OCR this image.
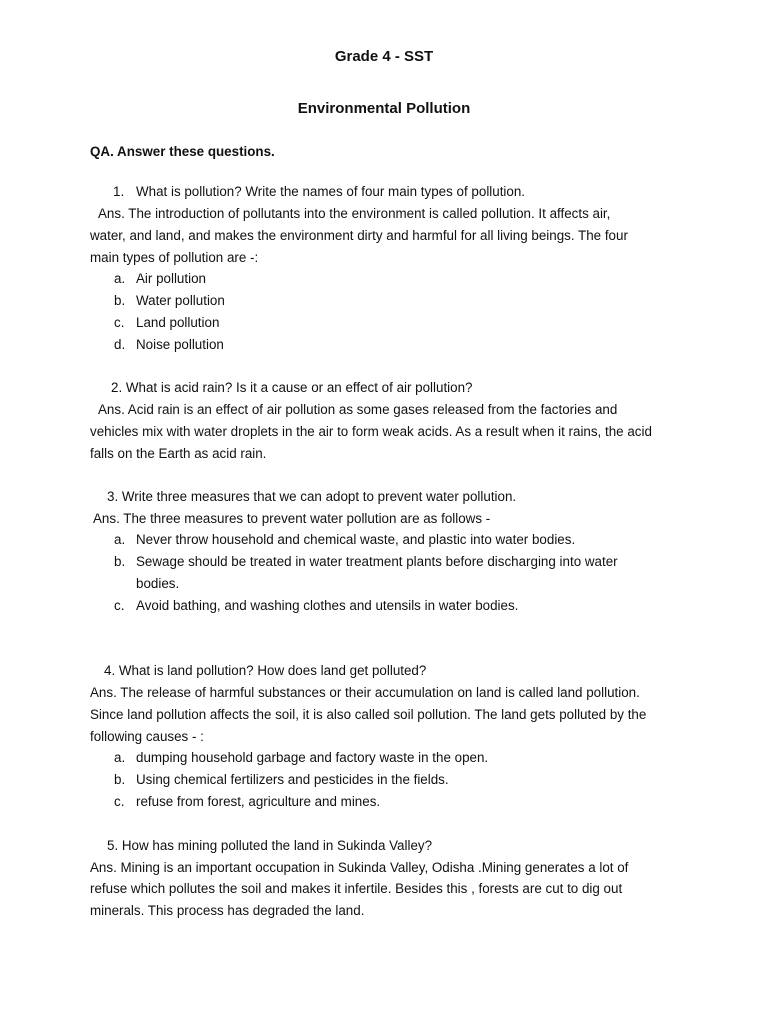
Grade 4 - SST
Environmental Pollution
QA. Answer these questions.
1. What is pollution? Write the names of four main types of pollution.
Ans. The introduction of pollutants into the environment is called pollution. It affects air,
water, and land, and makes the environment dirty and harmful for all living beings. The four
main types of pollution are -:
a. Air pollution
b. Water pollution
c. Land pollution
d. Noise pollution
2. What is acid rain? Is it a cause or an effect of air pollution?
Ans. Acid rain is an effect of air pollution as some gases released from the factories and
vehicles mix with water droplets in the air to form weak acids. As a result when it rains, the acid
falls on the Earth as acid rain.
3. Write three measures that we can adopt to prevent water pollution.
Ans. The three measures to prevent water pollution are as follows -
a. Never throw household and chemical waste, and plastic into water bodies.
b. Sewage should be treated in water treatment plants before discharging into water
bodies.
c. Avoid bathing, and washing clothes and utensils in water bodies.
4. What is land pollution? How does land get polluted?
Ans. The release of harmful substances or their accumulation on land is called land pollution.
Since land pollution affects the soil, it is also called soil pollution. The land gets polluted by the
following causes - :
a. dumping household garbage and factory waste in the open.
b. Using chemical fertilizers and pesticides in the fields.
c. refuse from forest, agriculture and mines.
5. How has mining polluted the land in Sukinda Valley?
Ans. Mining is an important occupation in Sukinda Valley, Odisha .Mining generates a lot of
refuse which pollutes the soil and makes it infertile. Besides this , forests are cut to dig out
minerals. This process has degraded the land.
